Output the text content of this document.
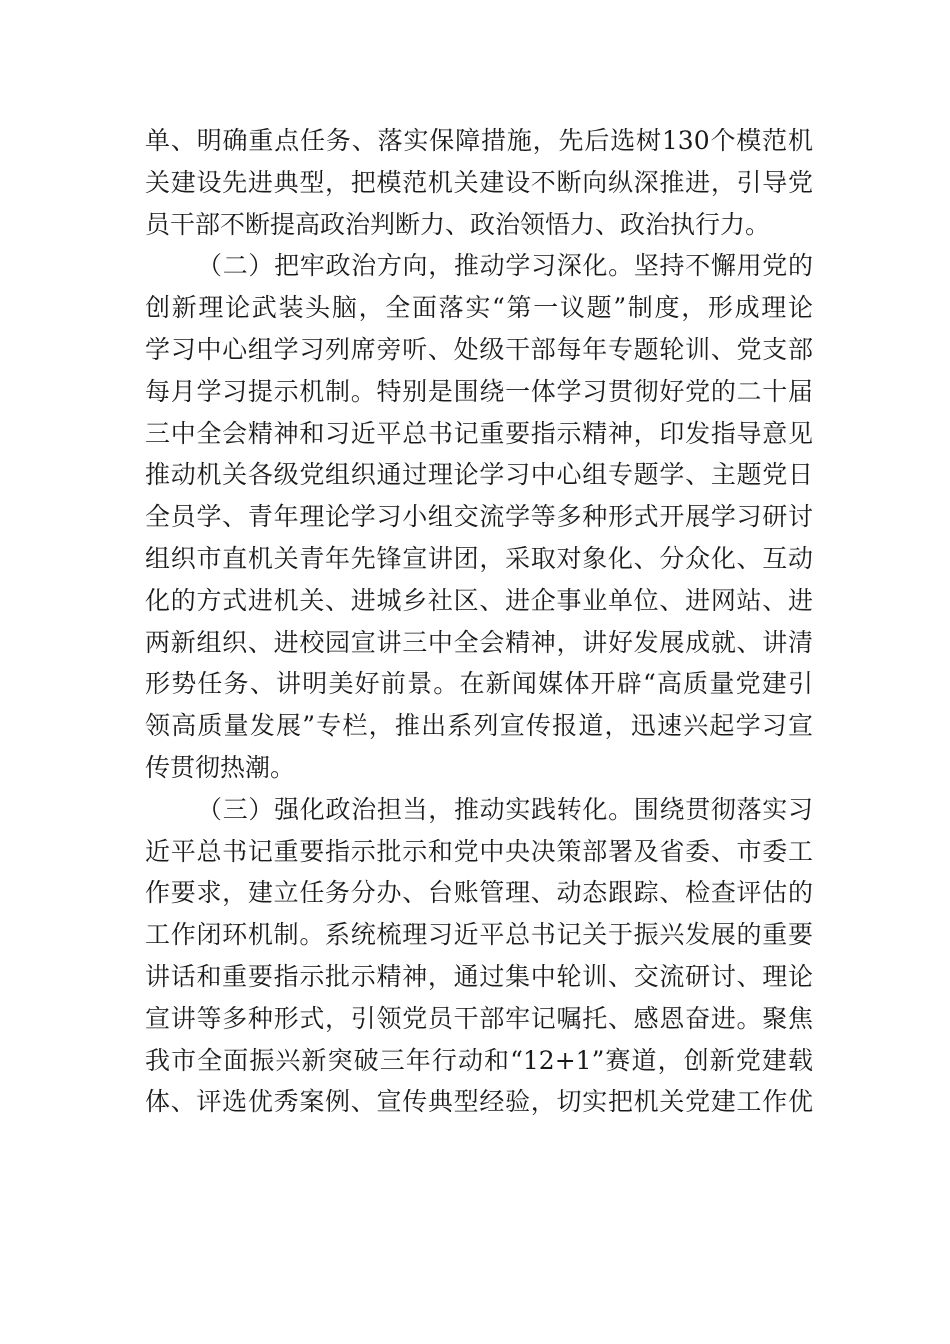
单、明确重点任务、落实保障措施，先后选树130个模范机
关建设先进典型，把模范机关建设不断向纵深推进，引导党
员干部不断提高政治判断力、政治领悟力、政治执行力。
（二）把牢政治方向，推动学习深化。坚持不懈用党的
创新理论武装头脑，全面落实“第一议题”制度，形成理论
学习中心组学习列席旁听、处级干部每年专题轮训、党支部
每月学习提示机制。特别是围绕一体学习贯彻好党的二十届
三中全会精神和习近平总书记重要指示精神，印发指导意见
推动机关各级党组织通过理论学习中心组专题学、主题党日
全员学、青年理论学习小组交流学等多种形式开展学习研讨
组织市直机关青年先锋宣讲团，采取对象化、分众化、互动
化的方式进机关、进城乡社区、进企事业单位、进网站、进
两新组织、进校园宣讲三中全会精神，讲好发展成就、讲清
形势任务、讲明美好前景。在新闻媒体开辟“高质量党建引
领高质量发展”专栏，推出系列宣传报道，迅速兴起学习宣
传贯彻热潮。
（三）强化政治担当，推动实践转化。围绕贯彻落实习
近平总书记重要指示批示和党中央决策部署及省委、市委工
作要求，建立任务分办、台账管理、动态跟踪、检查评估的
工作闭环机制。系统梳理习近平总书记关于振兴发展的重要
讲话和重要指示批示精神，通过集中轮训、交流研讨、理论
宣讲等多种形式，引领党员干部牢记嘱托、感恩奋进。聚焦
我市全面振兴新突破三年行动和“12+1”赛道，创新党建载
体、评选优秀案例、宣传典型经验，切实把机关党建工作优
